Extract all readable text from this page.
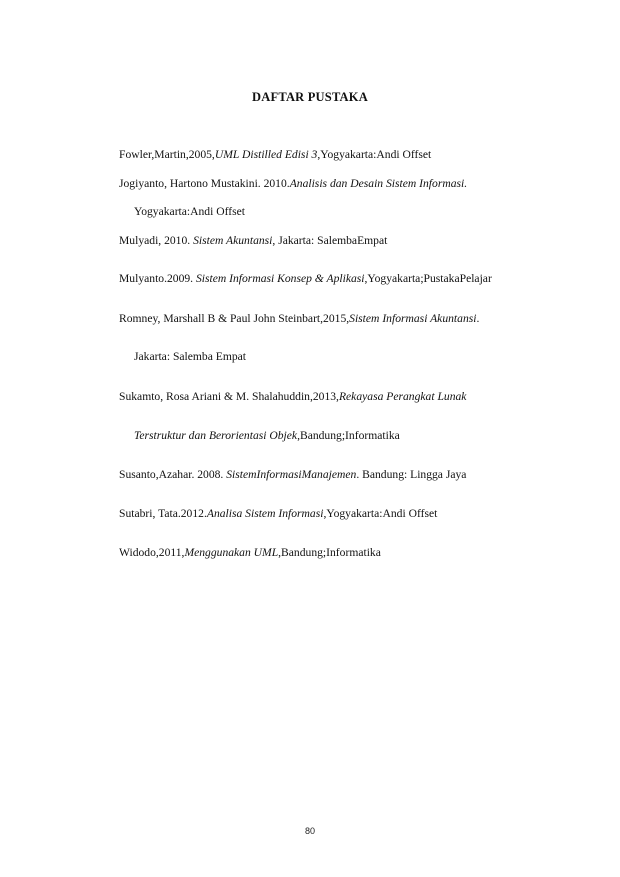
DAFTAR PUSTAKA
Fowler,Martin,2005,UML Distilled Edisi 3,Yogyakarta:Andi Offset
Jogiyanto, Hartono Mustakini. 2010.Analisis dan Desain Sistem Informasi.
Yogyakarta:Andi Offset
Mulyadi, 2010. Sistem Akuntansi, Jakarta: SalembaEmpat
Mulyanto.2009. Sistem Informasi Konsep & Aplikasi,Yogyakarta;PustakaPelajar
Romney, Marshall B & Paul John Steinbart,2015,Sistem Informasi Akuntansi.
Jakarta: Salemba Empat
Sukamto, Rosa Ariani & M. Shalahuddin,2013,Rekayasa Perangkat Lunak
Terstruktur dan Berorientasi Objek,Bandung;Informatika
Susanto,Azahar. 2008. SistemInformasiManajemen. Bandung: Lingga Jaya
Sutabri, Tata.2012.Analisa Sistem Informasi,Yogyakarta:Andi Offset
Widodo,2011,Menggunakan UML,Bandung;Informatika
80
